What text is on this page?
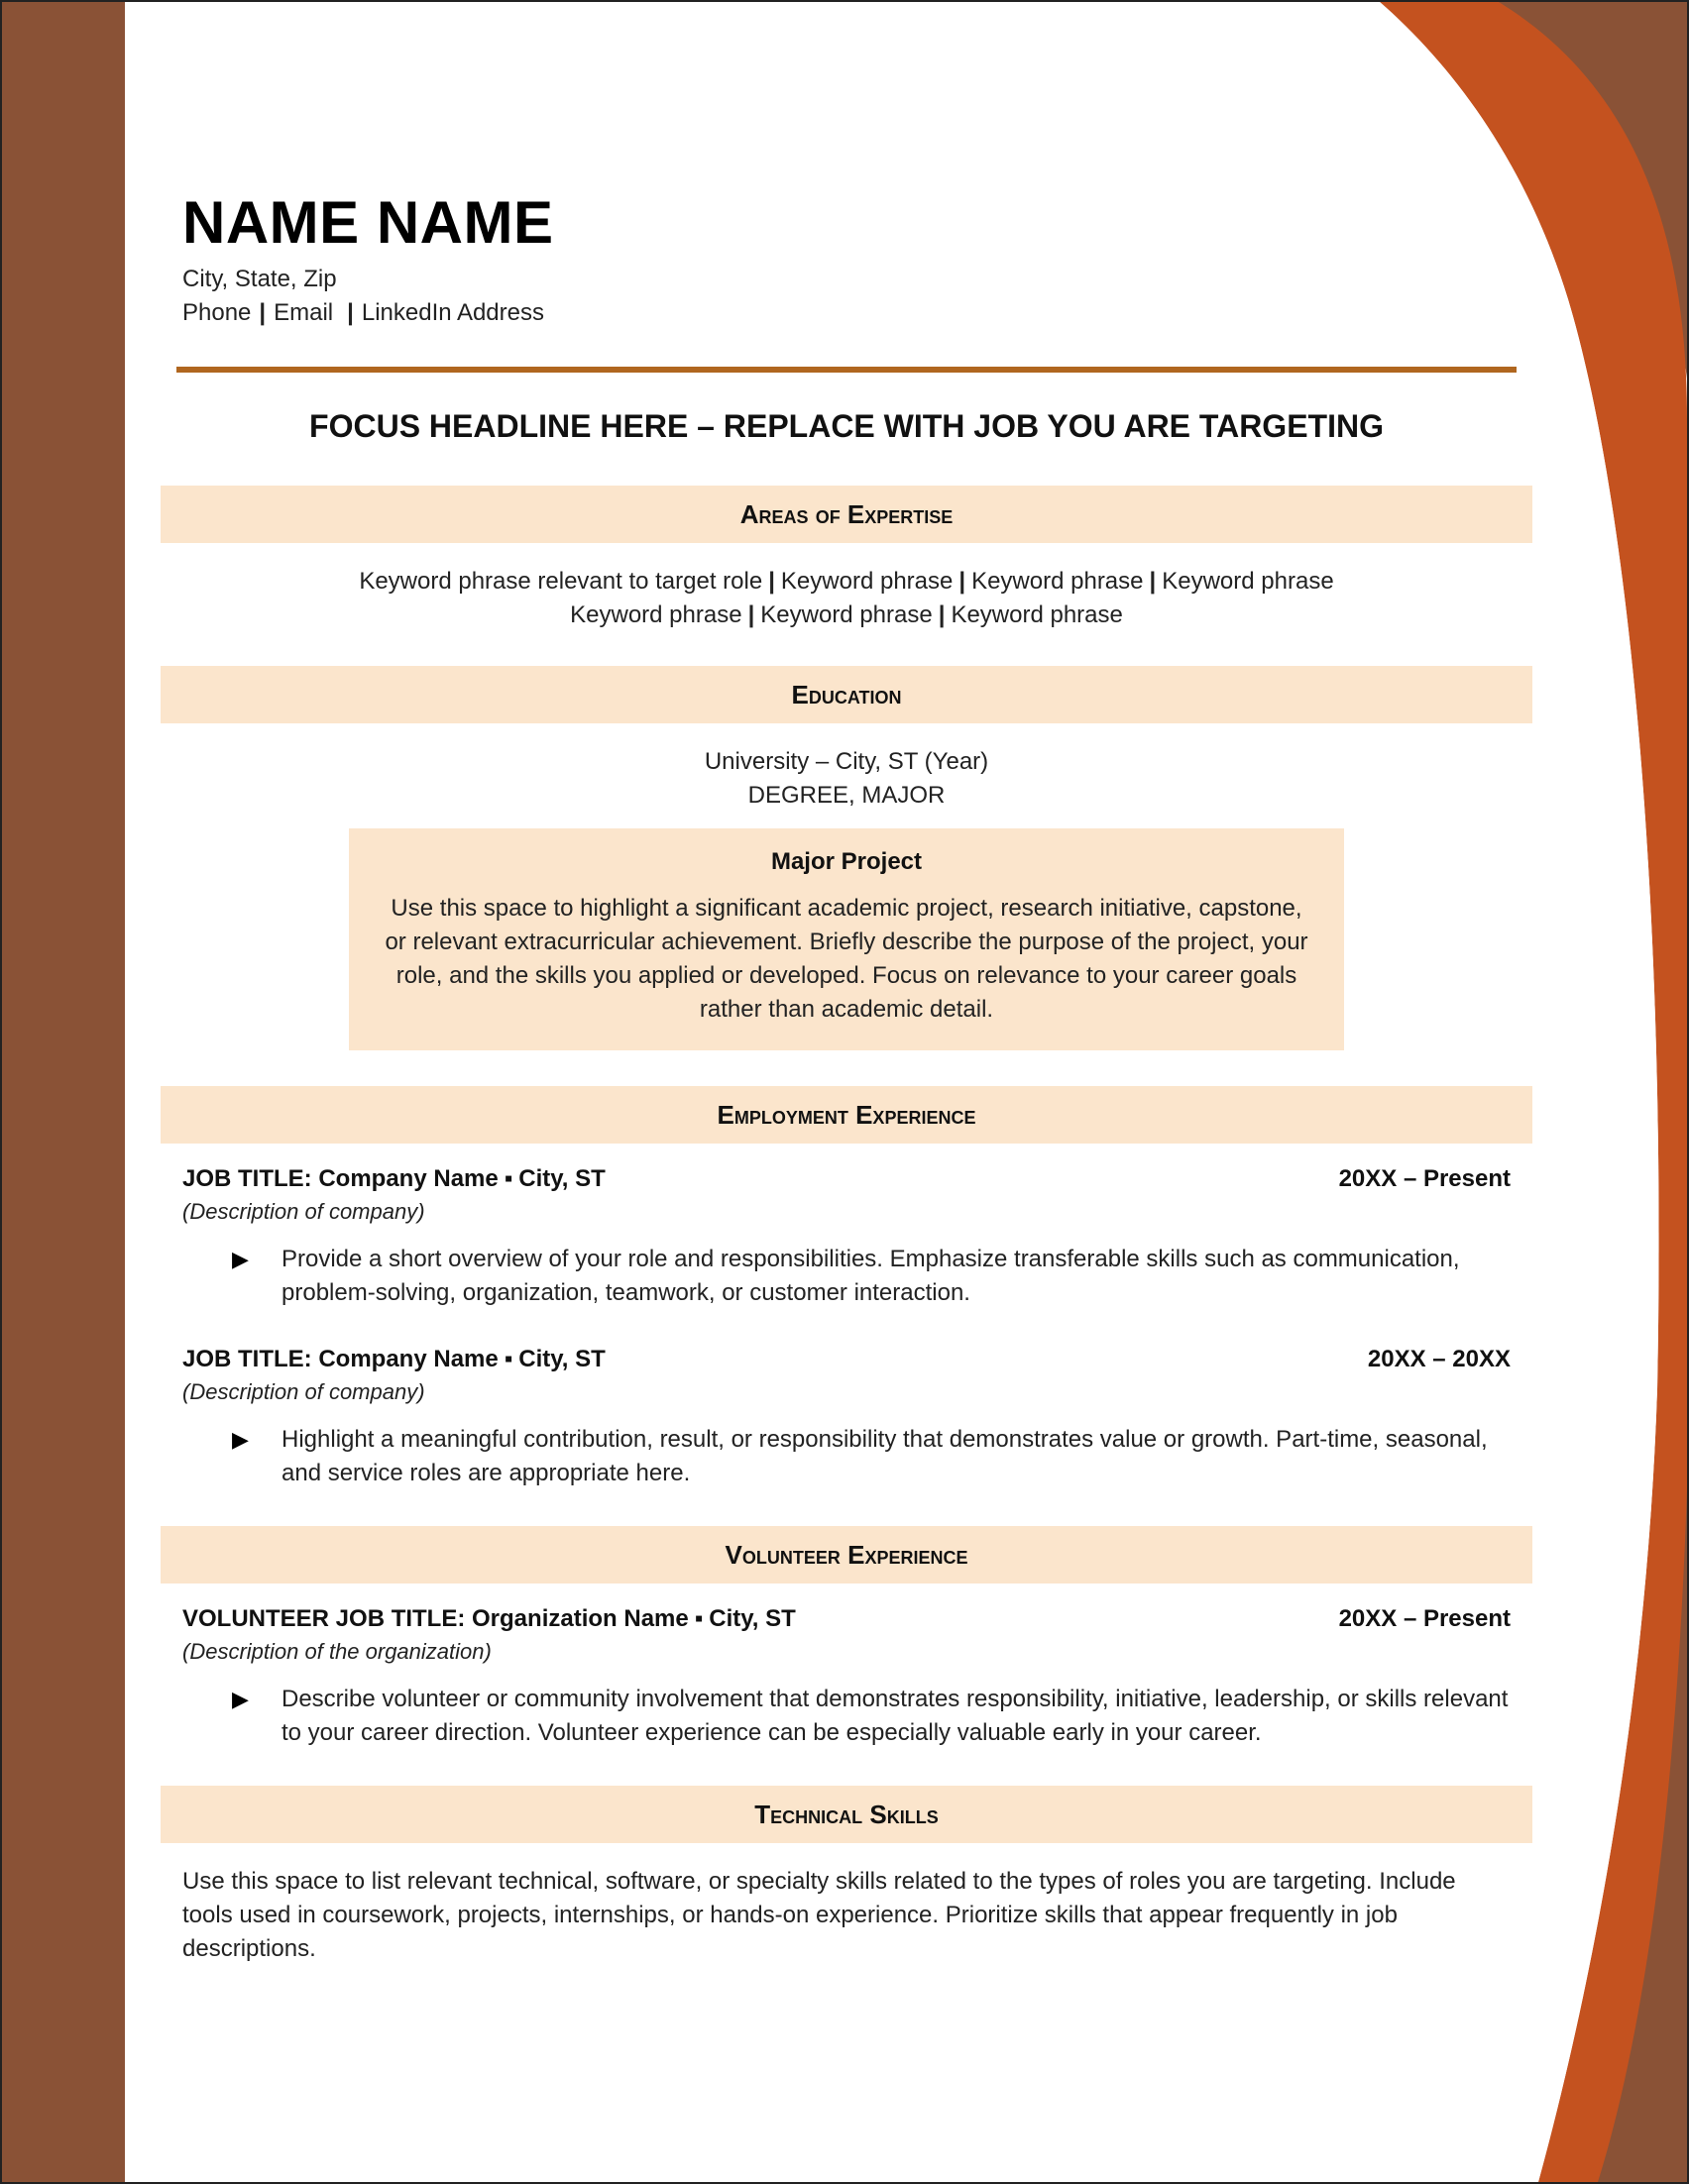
NAME NAME
City, State, Zip
Phone | Email | LinkedIn Address
FOCUS HEADLINE HERE – REPLACE WITH JOB YOU ARE TARGETING
Areas of Expertise
Keyword phrase relevant to target role | Keyword phrase | Keyword phrase | Keyword phrase
Keyword phrase | Keyword phrase | Keyword phrase
Education
University – City, ST (Year)
DEGREE, MAJOR
Major Project
Use this space to highlight a significant academic project, research initiative, capstone, or relevant extracurricular achievement. Briefly describe the purpose of the project, your role, and the skills you applied or developed. Focus on relevance to your career goals rather than academic detail.
Employment Experience
JOB TITLE: Company Name ▪ City, ST	20XX – Present
(Description of company)
▶ Provide a short overview of your role and responsibilities. Emphasize transferable skills such as communication, problem-solving, organization, teamwork, or customer interaction.
JOB TITLE: Company Name ▪ City, ST	20XX – 20XX
(Description of company)
▶ Highlight a meaningful contribution, result, or responsibility that demonstrates value or growth. Part-time, seasonal, and service roles are appropriate here.
Volunteer Experience
VOLUNTEER JOB TITLE: Organization Name ▪ City, ST	20XX – Present
(Description of the organization)
▶ Describe volunteer or community involvement that demonstrates responsibility, initiative, leadership, or skills relevant to your career direction. Volunteer experience can be especially valuable early in your career.
Technical Skills
Use this space to list relevant technical, software, or specialty skills related to the types of roles you are targeting. Include tools used in coursework, projects, internships, or hands-on experience. Prioritize skills that appear frequently in job descriptions.
